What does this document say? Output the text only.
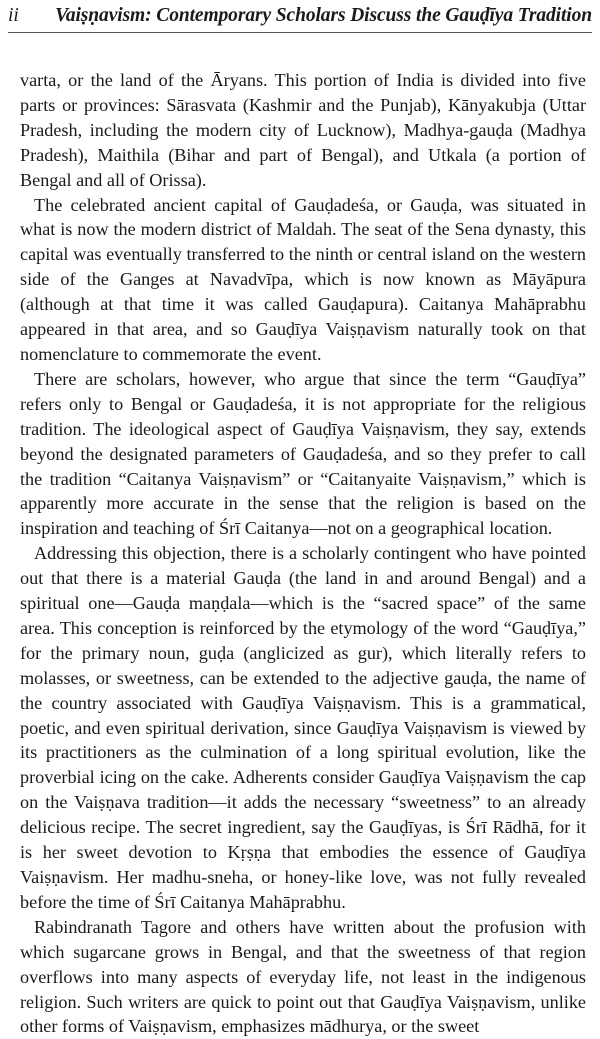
ii	Vaiṣṇavism: Contemporary Scholars Discuss the Gauḍīya Tradition

varta, or the land of the Āryans. This portion of India is divided into five parts or provinces: Sārasvata (Kashmir and the Punjab), Kānyakubja (Uttar Pradesh, including the modern city of Lucknow), Madhya-gauḍa (Madhya Pradesh), Maithila (Bihar and part of Bengal), and Utkala (a portion of Bengal and all of Orissa).

The celebrated ancient capital of Gauḍadeśa, or Gauḍa, was situated in what is now the modern district of Maldah. The seat of the Sena dynasty, this capital was eventually transferred to the ninth or central island on the western side of the Ganges at Navadvīpa, which is now known as Māyāpura (although at that time it was called Gauḍapura). Caitanya Mahāprabhu appeared in that area, and so Gauḍīya Vaiṣṇavism naturally took on that nomenclature to commemorate the event.

There are scholars, however, who argue that since the term “Gauḍīya” refers only to Bengal or Gauḍadeśa, it is not appropriate for the religious tradition. The ideological aspect of Gauḍīya Vaiṣṇavism, they say, extends beyond the designated parameters of Gauḍadeśa, and so they prefer to call the tradition “Caitanya Vaiṣṇavism” or “Caitanyaite Vaiṣṇavism,” which is apparently more accurate in the sense that the religion is based on the inspiration and teaching of Śrī Caitanya—not on a geographical location.

Addressing this objection, there is a scholarly contingent who have pointed out that there is a material Gauḍa (the land in and around Bengal) and a spiritual one—Gauḍa maṇḍala—which is the “sacred space” of the same area. This conception is reinforced by the etymology of the word “Gauḍīya,” for the primary noun, guḍa (anglicized as gur), which literally refers to molasses, or sweetness, can be extended to the adjective gauḍa, the name of the country associated with Gauḍīya Vaiṣṇavism. This is a grammatical, poetic, and even spiritual derivation, since Gauḍīya Vaiṣṇavism is viewed by its practitioners as the culmination of a long spiritual evolution, like the proverbial icing on the cake. Adherents consider Gauḍīya Vaiṣṇavism the cap on the Vaiṣṇava tradition—it adds the necessary “sweetness” to an already delicious recipe. The secret ingredient, say the Gauḍīyas, is Śrī Rādhā, for it is her sweet devotion to Kṛṣṇa that embodies the essence of Gauḍīya Vaiṣṇavism. Her madhu-sneha, or honey-like love, was not fully revealed before the time of Śrī Caitanya Mahāprabhu.

Rabindranath Tagore and others have written about the profusion with which sugarcane grows in Bengal, and that the sweetness of that region overflows into many aspects of everyday life, not least in the indigenous religion. Such writers are quick to point out that Gauḍīya Vaiṣṇavism, unlike other forms of Vaiṣṇavism, emphasizes mādhurya, or the sweet
